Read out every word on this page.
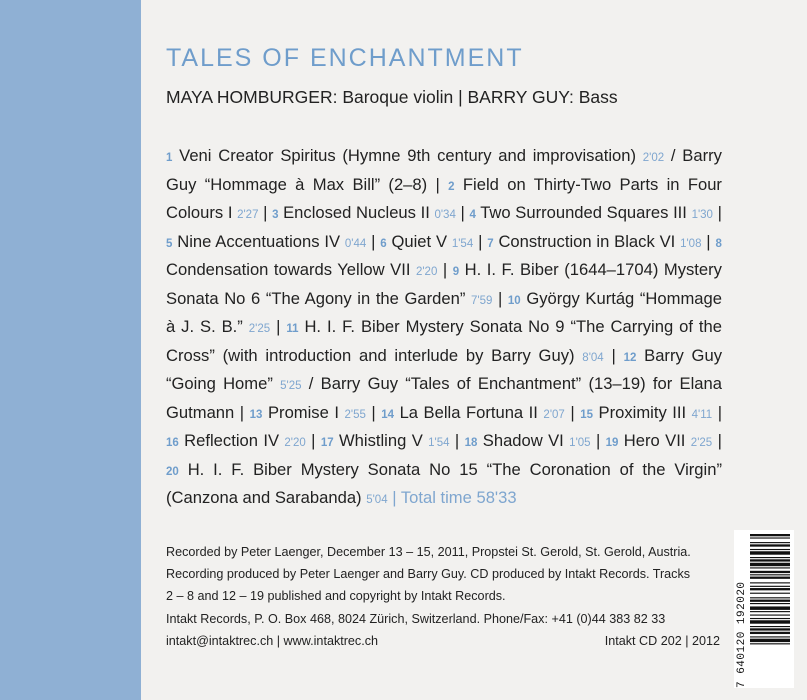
TALES OF ENCHANTMENT
MAYA HOMBURGER: Baroque violin | BARRY GUY: Bass

1 Veni Creator Spiritus (Hymne 9th century and improvisation) 2'02 / Barry Guy “Hommage à Max Bill” (2–8) | 2 Field on Thirty-Two Parts in Four Colours I 2'27 | 3 Enclosed Nucleus II 0'34 | 4 Two Surrounded Squares III 1'30 | 5 Nine Accentuations IV 0'44 | 6 Quiet V 1'54 | 7 Construction in Black VI 1'08 | 8 Condensation towards Yellow VII 2'20 | 9 H. I. F. Biber (1644–1704) Mystery Sonata No 6 “The Agony in the Garden” 7'59 | 10 György Kurtág “Hommage à J. S. B.” 2'25 | 11 H. I. F. Biber Mystery Sonata No 9 “The Carrying of the Cross” (with introduction and interlude by Barry Guy) 8'04 | 12 Barry Guy “Going Home” 5'25 / Barry Guy “Tales of Enchantment” (13–19) for Elana Gutmann | 13 Promise I 2'55 | 14 La Bella Fortuna II 2'07 | 15 Proximity III 4'11 | 16 Reflection IV 2'20 | 17 Whistling V 1'54 | 18 Shadow VI 1'05 | 19 Hero VII 2'25 | 20 H. I. F. Biber Mystery Sonata No 15 “The Coronation of the Virgin” (Canzona and Sarabanda) 5'04 | Total time 58'33

Recorded by Peter Laenger, December 13 – 15, 2011, Propstei St. Gerold, St. Gerold, Austria.
Recording produced by Peter Laenger and Barry Guy. CD produced by Intakt Records. Tracks
2 – 8 and 12 – 19 published and copyright by Intakt Records.
Intakt Records, P. O. Box 468, 8024 Zürich, Switzerland. Phone/Fax: +41 (0)44 383 82 33
intakt@intaktrec.ch | www.intaktrec.ch	Intakt CD 202 | 2012 7 640120 192020
